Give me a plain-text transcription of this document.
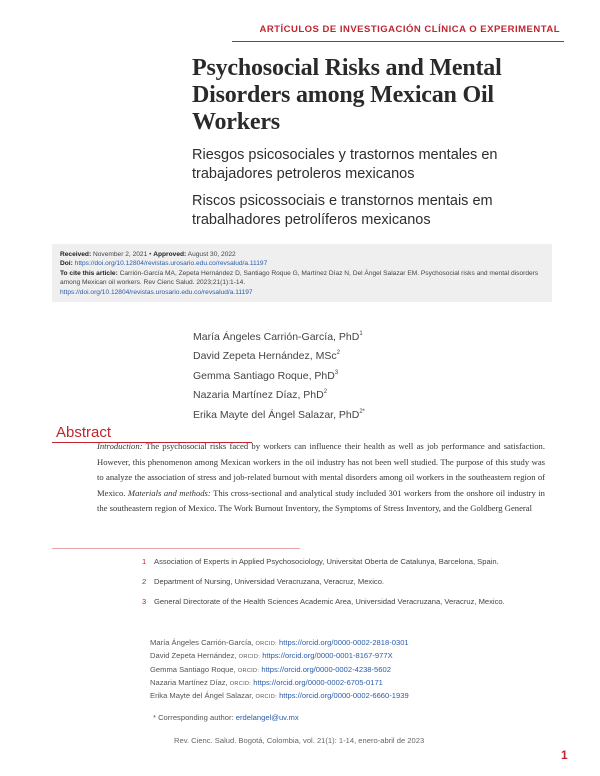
ARTÍCULOS DE INVESTIGACIÓN CLÍNICA O EXPERIMENTAL
Psychosocial Risks and Mental Disorders among Mexican Oil Workers
Riesgos psicosociales y trastornos mentales en trabajadores petroleros mexicanos
Riscos psicossociais e transtornos mentais em trabalhadores petrolíferos mexicanos
Received: November 2, 2021 • Approved: August 30, 2022
Doi: https://doi.org/10.12804/revistas.urosario.edu.co/revsalud/a.11197
To cite this article: Carrión-García MA, Zepeta Hernández D, Santiago Roque G, Martínez Díaz N, Del Ángel Salazar EM. Psychosocial risks and mental disorders among Mexican oil workers. Rev Cienc Salud. 2023;21(1):1-14.
https://doi.org/10.12804/revistas.urosario.edu.co/revsalud/a.11197
María Ángeles Carrión-García, PhD$^1$
David Zepeta Hernández, MSc$^2$
Gemma Santiago Roque, PhD$^3$
Nazaria Martínez Díaz, PhD$^2$
Erika Mayte del Ángel Salazar, PhD$^{2*}$
Abstract

Introduction: The psychosocial risks faced by workers can influence their health as well as job performance and satisfaction. However, this phenomenon among Mexican workers in the oil industry has not been well studied. The purpose of this study was to analyze the association of stress and job-related burnout with mental disorders among oil workers in the southeastern region of Mexico. Materials and methods: This cross-sectional and analytical study included 301 workers from the onshore oil industry in the southeastern region of Mexico. The Work Burnout Inventory, the Symptoms of Stress Inventory, and the Goldberg General

1	Association of Experts in Applied Psychosociology, Universitat Oberta de Catalunya, Barcelona, Spain.
2	Department of Nursing, Universidad Veracruzana, Veracruz, Mexico.
3	General Directorate of the Health Sciences Academic Area, Universidad Veracruzana, Veracruz, Mexico.
María Ángeles Carrión-García, ORCID: https://orcid.org/0000-0002-2818-0301
David Zepeta Hernández, ORCID: https://orcid.org/0000-0001-8167-977X
Gemma Santiago Roque, ORCID: https://orcid.org/0000-0002-4238-5602
Nazaria Martínez Díaz, ORCID: https://orcid.org/0000-0002-6705-0171
Erika Mayte del Ángel Salazar, ORCID: https://orcid.org/0000-0002-6660-1939
* Corresponding author: erdelangel@uv.mx
Rev. Cienc. Salud. Bogotá, Colombia, vol. 21(1): 1-14, enero-abril de 2023
1
